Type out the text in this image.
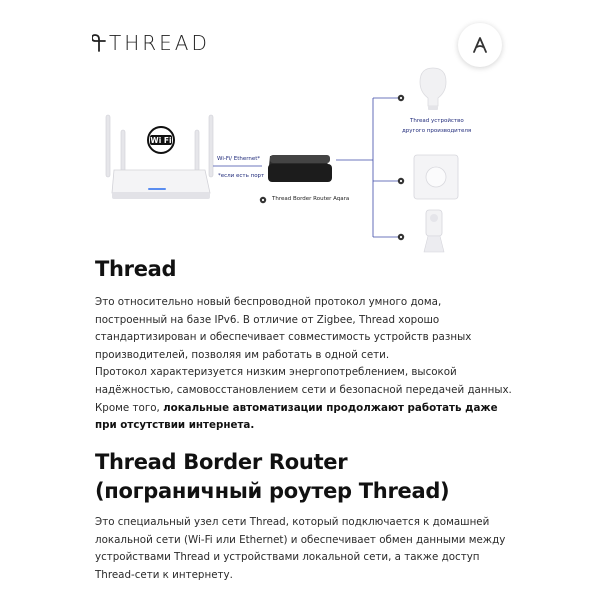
THREAD
Wi Fi
Wi-Fi/ Ethernet*
*если есть порт
Thread Border Router Aqara
Thread устройство
другого производителя
Thread

Это относительно новый беспроводной протокол умного дома, построенный на базе IPv6. В отличие от Zigbee, Thread хорошо стандартизирован и обеспечивает совместимость устройств разных производителей, позволяя им работать в одной сети.
Протокол характеризуется низким энергопотреблением, высокой надёжностью, самовосстановлением сети и безопасной передачей данных. Кроме того, локальные автоматизации продолжают работать даже при отсутствии интернета.

Thread Border Router
(пограничный роутер Thread)

Это специальный узел сети Thread, который подключается к домашней локальной сети (Wi-Fi или Ethernet) и обеспечивает обмен данными между устройствами Thread и устройствами локальной сети, а также доступ Thread-сети к интернету.
